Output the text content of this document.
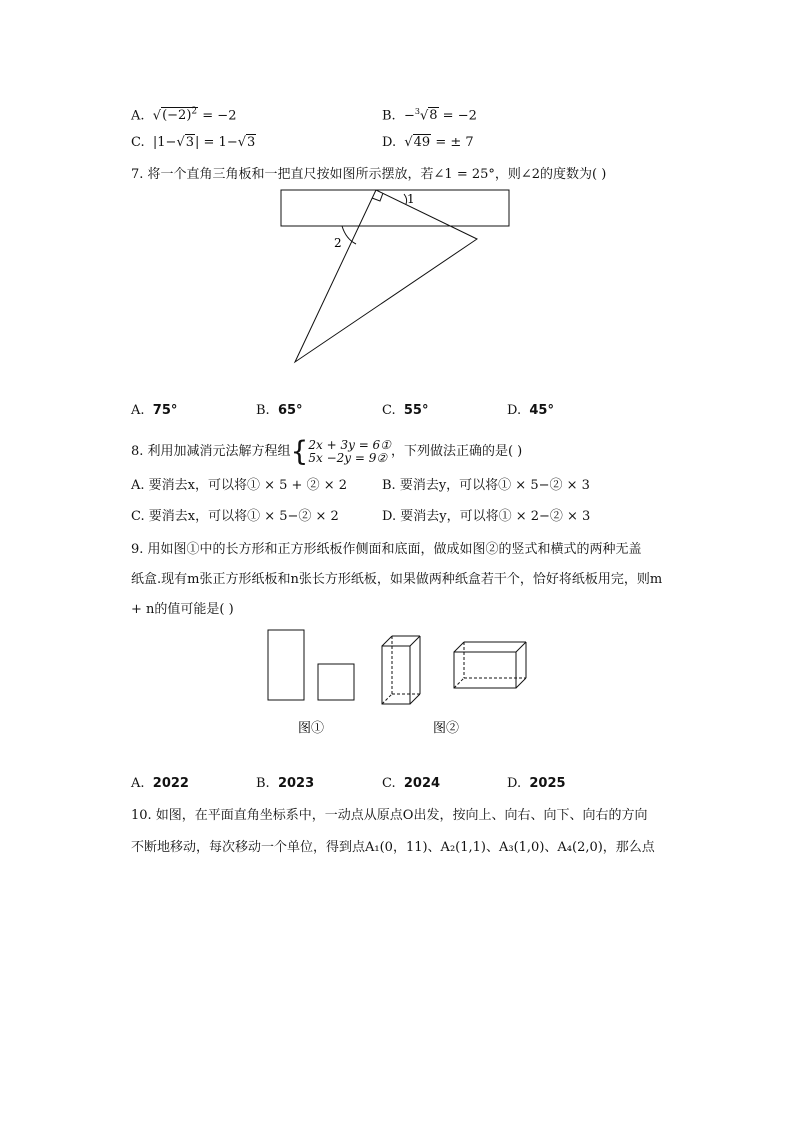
A. $√(-2)^2 = -2$	B. −$^3$√8 = −2
C. |1−√3| = 1−√3	D. √49 = ± 7
7. 将一个直角三角板和一把直尺按如图所示摆放，若∠1 = 25°，则∠2的度数为( )
1
2
A. 75°	B. 65°	C. 55°	D. 45°
8. 利用加减消元法解方程组{2x + 3y = 6①
5x −2y = 9② ，下列做法正确的是( )
A. 要消去x，可以将① × 5 + ② × 2	B. 要消去y，可以将① × 5−② × 3
C. 要消去x，可以将① × 5−② × 2	D. 要消去y，可以将① × 2−② × 3
9. 用如图①中的长方形和正方形纸板作侧面和底面，做成如图②的竖式和横式的两种无盖
纸盒.现有m张正方形纸板和n张长方形纸板，如果做两种纸盒若干个，恰好将纸板用完，则m
+ n的值可能是( )
图①	图②
A. 2022	B. 2023	C. 2024	D. 2025
10. 如图，在平面直角坐标系中，一动点从原点O出发，按向上、向右、向下、向右的方向
不断地移动，每次移动一个单位，得到点A₁(0，11)、A₂(1,1)、A₃(1,0)、A₄(2,0)，那么点
